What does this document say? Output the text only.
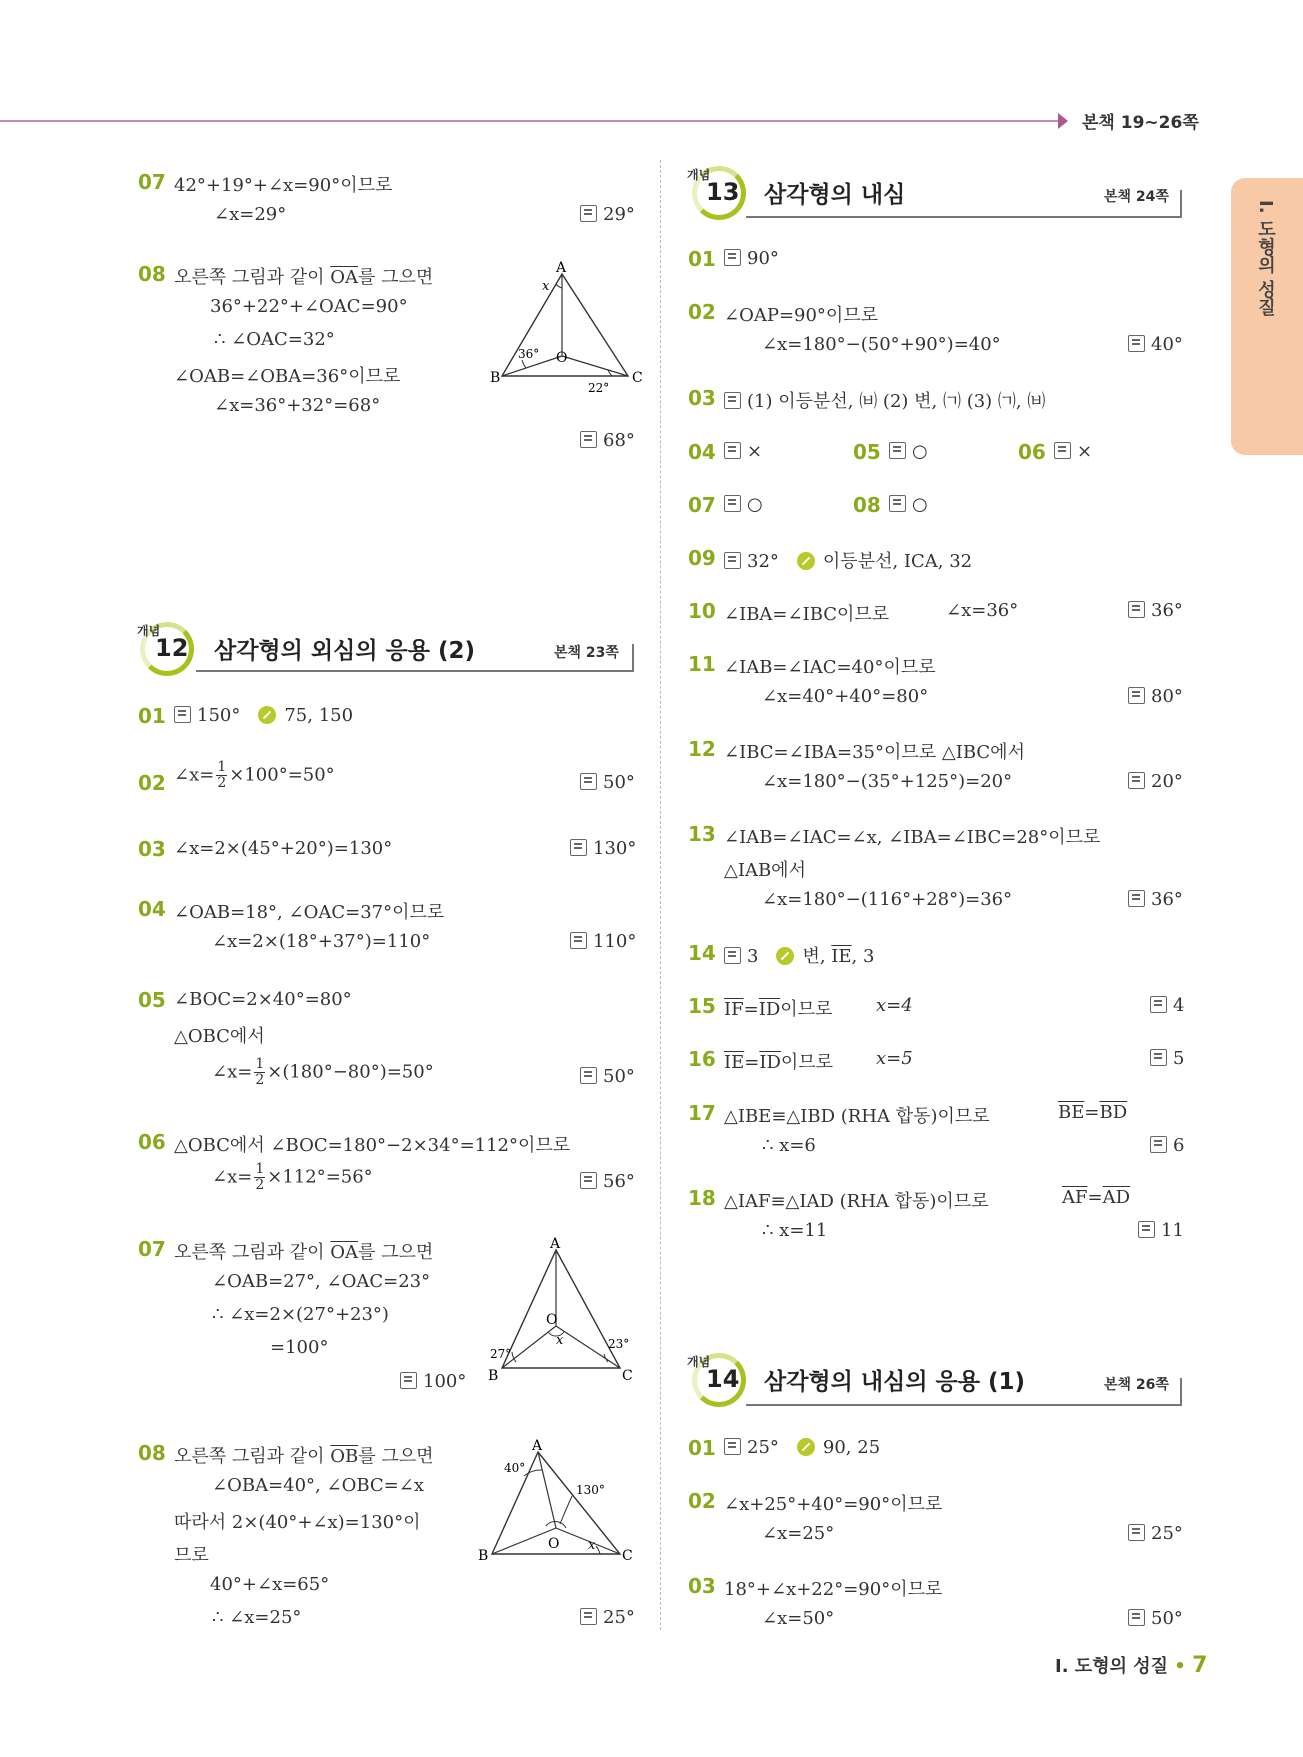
본책 19~26쪽
I. 도형의 성질
07 42°+19°+∠x=90°이므로
∠x=29°	29°
08 오른쪽 그림과 같이 $\overline{OA}$를 그으면
36°+22°+∠OAC=90°
∴ ∠OAC=32°
∠OAB=∠OBA=36°이므로
∠x=36°+32°=68°
68°
A
B	C
O
x
36°
22°
개념
12 삼각형의 외심의 응용 (2)	본책 23쪽
01	150° 75, 150
02 ∠x= $\frac{1}{2} \times 100^\circ=50^\circ$	50°
03 ∠x=2×(45°+20°)=130°	130°
04 ∠OAB=18°, ∠OAC=37°이므로
∠x=2×(18°+37°)=110°	110°
05 ∠BOC=2×40°=80°
△OBC에서
∠x= $\frac{1}{2} \times(180^\circ-80^\circ)=50^\circ$	50°
06 △OBC에서 ∠BOC=180°−2×34°=112°이므로
∠x= $\frac{1}{2} \times 112^\circ=56^\circ$	56°
07 오른쪽 그림과 같이 $\overline{OA}$를 그으면
∠OAB=27°, ∠OAC=23°
∴ ∠x=2×(27°+23°)
=100°
100°
A
B	C
O
x
27°
23°
08 오른쪽 그림과 같이 $\overline{OB}$를 그으면
∠OBA=40°, ∠OBC=∠x
따라서 2×(40°+∠x)=130°이
므로
40°+∠x=65°
∴ ∠x=25°	25°
A
B	C
O x
40°
130°
개념
13 삼각형의 내심	본책 24쪽
01	90°
02 ∠OAP=90°이므로
∠x=180°−(50°+90°)=40°	40°
03	(1) 이등분선, ㈅ (2) 변, ㈀ (3) ㈀, ㈅
04	×	05	○	06	×
07	○	08	○
09	32° 이등분선, ICA, 32
10 ∠IBA=∠IBC이므로	∠x=36°	36°
11 ∠IAB=∠IAC=40°이므로
∠x=40°+40°=80°	80°
12 ∠IBC=∠IBA=35°이므로 △IBC에서
∠x=180°−(35°+125°)=20°	20°
13 ∠IAB=∠IAC=∠x, ∠IBA=∠IBC=28°이므로
△IAB에서
∠x=180°−(116°+28°)=36°	36°
14	3 변, $\overline{IE}$, 3
15 $\overline{IF}=\overline{ID}$이므로 x=4	4
16 $\overline{IE}=\overline{ID}$이므로 x=5	5
17 △IBE≡△IBD (RHA 합동)이므로	$\overline{BE}=\overline{BD}$
∴ x=6	6
18 △IAF≡△IAD (RHA 합동)이므로	$\overline{AF}=\overline{AD}$
∴ x=11	11
개념
14 삼각형의 내심의 응용 (1)	본책 26쪽
01	25° 90, 25
02 ∠x+25°+40°=90°이므로
∠x=25°	25°
03 18°+∠x+22°=90°이므로
∠x=50°	50°
I. 도형의 성질 • 7
